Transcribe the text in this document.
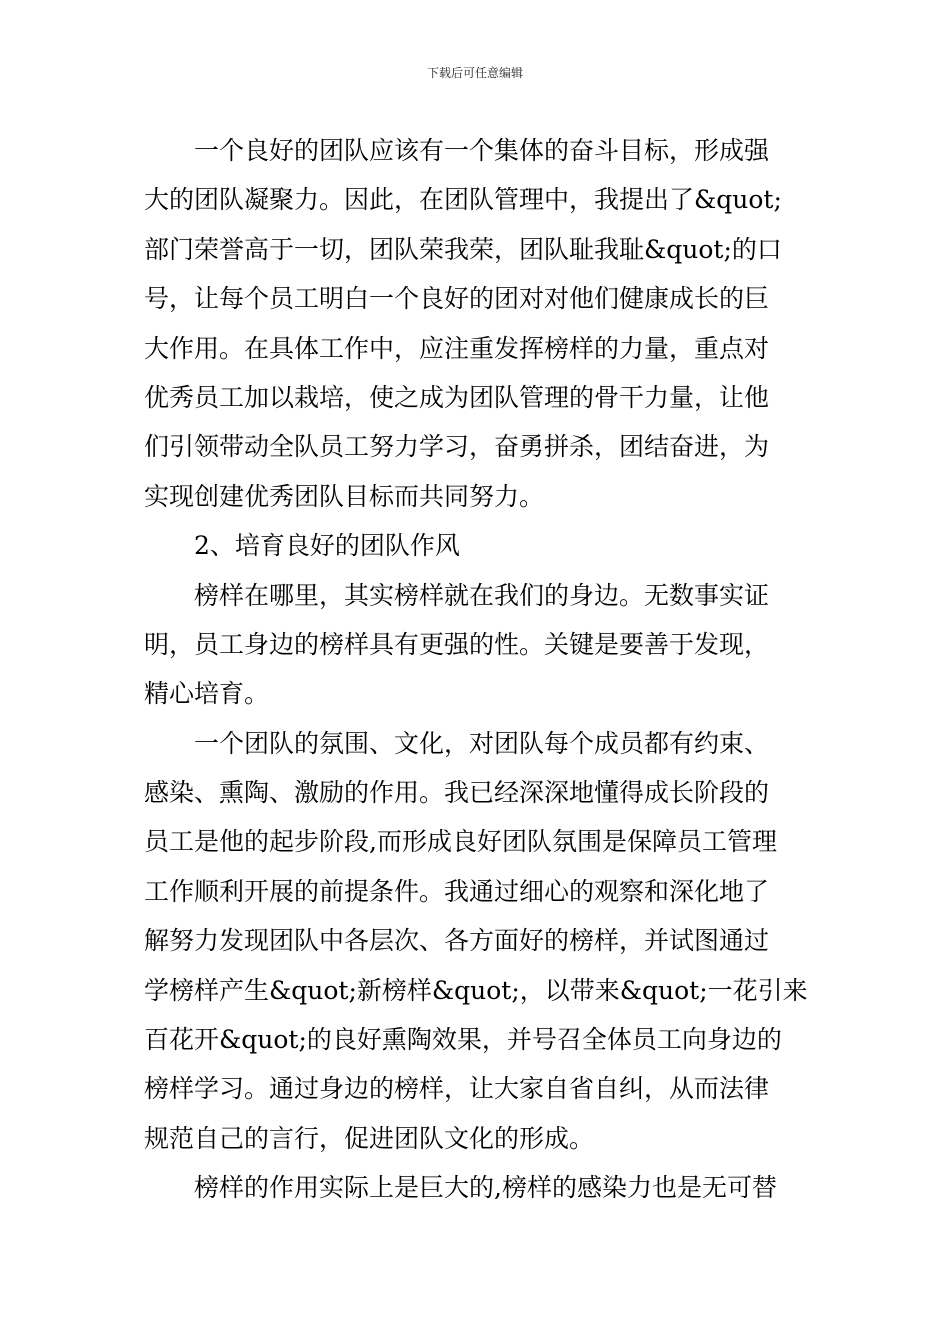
下载后可任意编辑
一个良好的团队应该有一个集体的奋斗目标，形成强
大的团队凝聚力。因此，在团队管理中，我提出了&quot;
部门荣誉高于一切，团队荣我荣，团队耻我耻&quot;的口
号，让每个员工明白一个良好的团对对他们健康成长的巨
大作用。在具体工作中，应注重发挥榜样的力量，重点对
优秀员工加以栽培，使之成为团队管理的骨干力量，让他
们引领带动全队员工努力学习，奋勇拼杀，团结奋进，为
实现创建优秀团队目标而共同努力。
2、培育良好的团队作风
榜样在哪里，其实榜样就在我们的身边。无数事实证
明，员工身边的榜样具有更强的性。关键是要善于发现，
精心培育。
一个团队的氛围、文化，对团队每个成员都有约束、
感染、熏陶、激励的作用。我已经深深地懂得成长阶段的
员工是他的起步阶段,而形成良好团队氛围是保障员工管理
工作顺利开展的前提条件。我通过细心的观察和深化地了
解努力发现团队中各层次、各方面好的榜样，并试图通过
学榜样产生&quot;新榜样&quot;，以带来&quot;一花引来
百花开&quot;的良好熏陶效果，并号召全体员工向身边的
榜样学习。通过身边的榜样，让大家自省自纠，从而法律
规范自己的言行，促进团队文化的形成。
榜样的作用实际上是巨大的,榜样的感染力也是无可替
